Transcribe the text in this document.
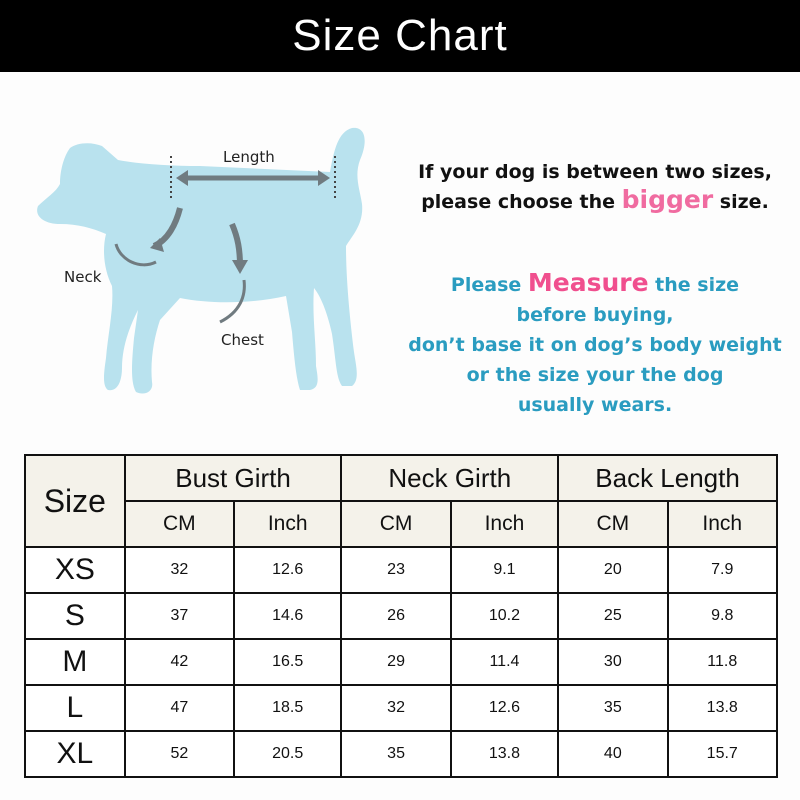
Size Chart
Length
Neck
Chest
If your dog is between two sizes,
please choose the bigger size.
Please Measure the size
before buying,
don’t base it on dog’s body weight
or the size your the dog
usually wears.
Size	Bust Girth		Neck Girth		Back Length	
	CM	Inch	CM	Inch	CM	Inch
XS	32	12.6	23	9.1	20	7.9
S	37	14.6	26	10.2	25	9.8
M	42	16.5	29	11.4	30	11.8
L	47	18.5	32	12.6	35	13.8
XL	52	20.5	35	13.8	40	15.7
